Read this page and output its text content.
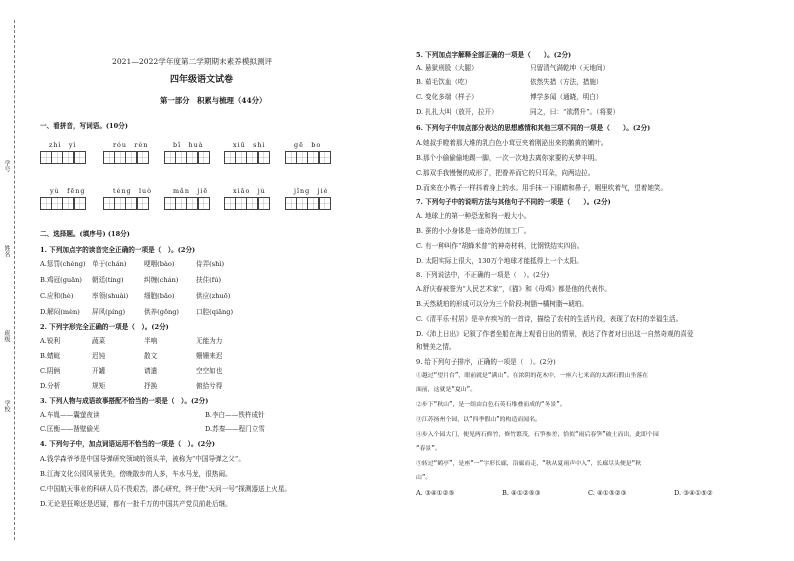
学号
姓名
班级
学校
2021—2022学年度第二学期期末素养模拟测评
四年级语文试卷
第一部分　积累与梳理（44分）
一、看拼音，写词语。(10分)
zhì　yì	róu　rèn	bǐ　huà	xiū　shì	gē　bo
yù　fēng	téng　luò	mǎn　jiē	xiāo　jù	jǐng　jiè
二、选择题。(填序号) (18分)
1. 下列加点字的读音完全正确的一项是（　）。(2分)
A.惩罚(chéng) 单于(chán)	哽咽(bào)	侍弄(shì)
B.鸡冠(guān)	朝廷(tíng)	纠缠(chán)	扶住(fú)
C.应和(hè)	率领(shuài)	细胞(bāo)	供应(zhuō)
D.解闷(mèn)	屏风(píng)	供养(gōng)	口腔(qiāng)
2. 下列字形完全正确的一项是（　）。(2分)
A.锐利	蔬菜	半响	无能为力
B.蜻蜓	迟钝	散文	姗姗来迟
C.阴俩	开罐	请遣	空空如也
D.分析	规矩	抒换	俯拾兮得
3. 下列人物与成语故事搭配不恰当的一项是（　）。(2分)
A.车胤——囊萤夜读	B.李白——铁杵成针
C.匡衡——凿壁偷光	D.苏秦——程门立雪
4. 下列句子中，加点词语运用不恰当的一项是（　）。(2分)
A.钱学森爷爷是中国导弹研究领域的领头羊，被称为“中国导弹之父”。
B.江海文化公园风景优美，傍晚散步的人多，车水马龙，很热闹。
C.中国航天事业的科研人员不畏艰苦，潜心研究，终于使“天问一号”探测器送上火星。
D.无论是狂嗥还是迟疑，都有一批千万的中国共产党员前赴后继。
5. 下列加点字解释全部正确的一项是（　　）。(2分)
A. 悬狱刑股（大腿）	只留清气满乾坤（天地间）
B. 茹毛饮血（吃）	依然失措（方法，措施）
C. 变化多端（样子）	博学多闻（通晓，明白）
D. 扎扎大叫（放开，拉开）	同之，曰：“欲潸升”。（将要）
6. 下列句子中加点部分表达的思想感情和其他三项不同的一项是（　　）。(2分)
A.她叔手瞪着那大堆的乳白色小茸豆夹着刚泌出来的鹅黄的嫩叶。
B.那个小偷偷偷地踢一脚，一次一次地去离你家要的天梦丰明。
C.那双手我慢慢的成形了，把眷养而它的只耳朵，向两边拉。
D.而来在小鸭子一样抖着身上的水。用手抹一下眼睛和鼻子，咽里吹着气，望着她笑。
7. 下列句子中的说明方法与其他句子不同的一项是（　　）。(2分)
A. 地球上的第一种恐龙和狗一般大小。
B. 蚕的小小身体是一座奇妙的加工厂。
C. 有一种叫作“胡蜂米普”的神奇材料，比钢铁结实四倍。
D. 太阳实际上很大，130万个地球才能抵得上一个太阳。
8. 下列说法中，不正确的一项是（　）。(2分)
A.舒庆春被誉为“人民艺术家”，《猫》和《母鸡》都是他的代表作。
B.天然琥珀的形成可以分为三个阶段:树脂→橘树脂→琥珀。
C.《清平乐·村居》是辛弃疾写的一首诗，描绘了农村的生活片段，表现了农村的幸福生活。
D.《沛上日出》记叙了作者坐船在海上观看日出的情景，表达了作者对日出这一自然奇观的喜爱
和赞美之情。
9. 给下列句子排序，正确的一项是（　）。(2分)
①越过“望月台”，眼前就是“满山”。在浓阴的花木中，一座六七米高的太湖石假山坐落在
面前，这就是“夏山”。
②步下“秋山”，是一组由白色石英石堆叠而成的“冬景”。
③江苏扬州个园，以“四季假山”的构造而闻名。
④步入个园大门，便见两石修竹，修竹繁茂，石笋参差，恰似“雨后春笋”破土而出，此即个园
“春景”。
⑤转过“鹤亭”，是座“一”字形长廊，沿廊而走，“秋从夏雨声中入”，长廊尽头便是“秋
山”。
A. ③④①②⑤	B. ④①②⑤③	C. ④①⑤②③	D. ③④①⑤②
